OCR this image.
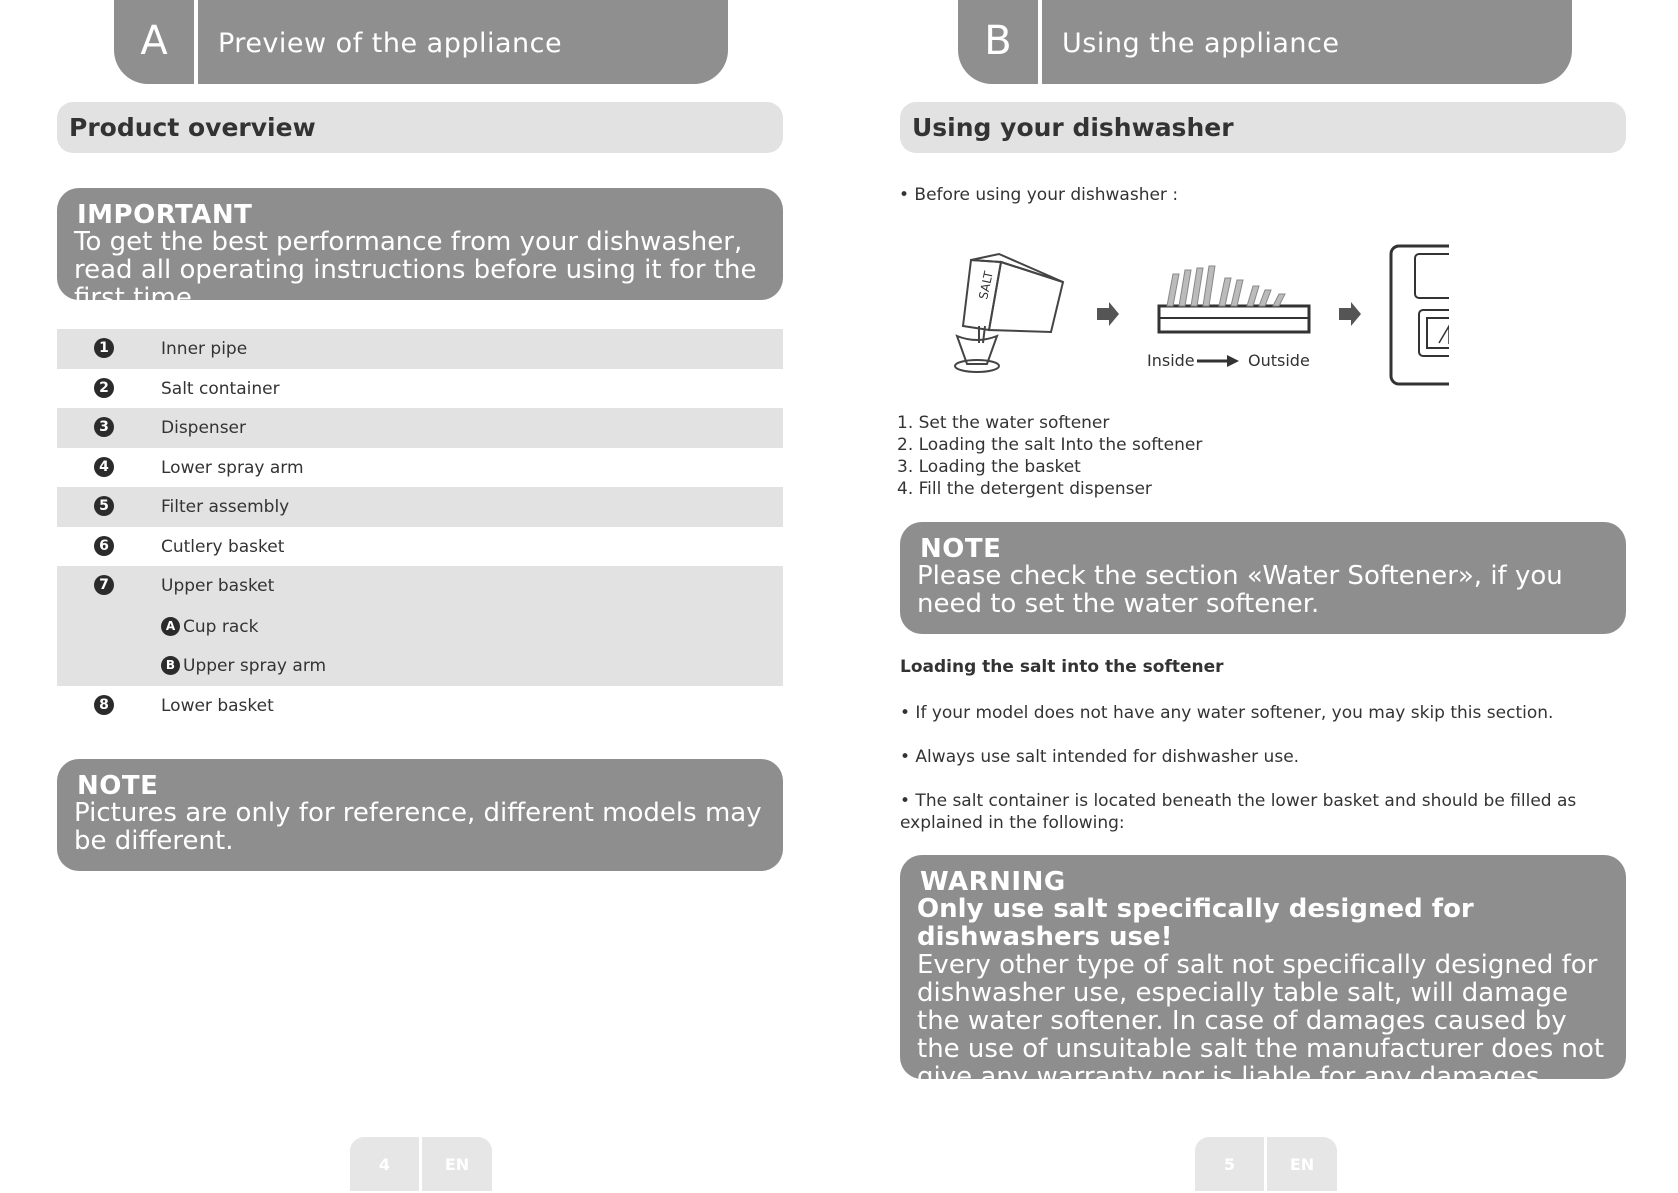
A	Preview of the appliance
Product overview
IMPORTANT
To get the best performance from your dishwasher, read all operating instructions before using it for the first time.
1	Inner pipe
2	Salt container
3	Dispenser
4	Lower spray arm
5	Filter assembly
6	Cutlery basket
7	Upper basket
A Cup rack
B Upper spray arm
8	Lower basket
NOTE
Pictures are only for reference, different models may be different.
4	EN
B	Using the appliance
Using your dishwasher
• Before using your dishwasher :
SALT
Inside	Outside
1. Set the water softener
2. Loading the salt Into the softener
3. Loading the basket
4. Fill the detergent dispenser
NOTE
Please check the section «Water Softener», if you need to set the water softener.
Loading the salt into the softener
• If your model does not have any water softener, you may skip this section.
• Always use salt intended for dishwasher use.
• The salt container is located beneath the lower basket and should be filled as explained in the following:
WARNING
Only use salt specifically designed for dishwashers use!
Every other type of salt not specifically designed for dishwasher use, especially table salt, will damage the water softener. In case of damages caused by the use of unsuitable salt the manufacturer does not give any warranty nor is liable for any damages caused.
5	EN
